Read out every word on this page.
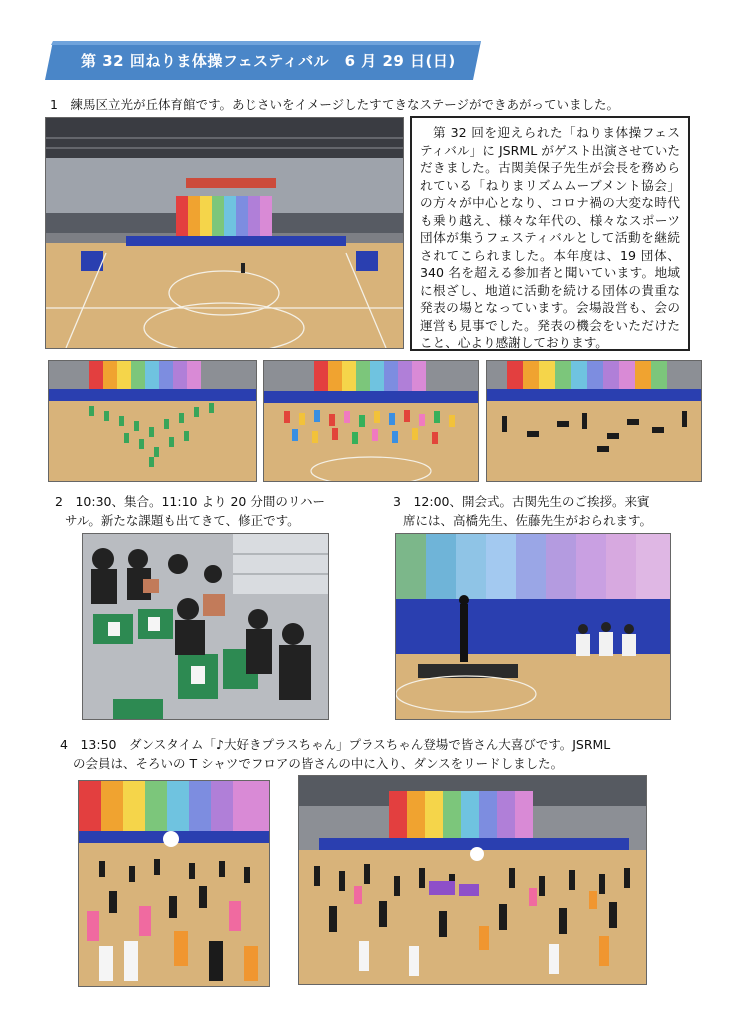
第 32 回ねりま体操フェスティバル　6 月 29 日(日)
1　練馬区立光が丘体育館です。あじさいをイメージしたすてきなステージができあがっていました。
第 32 回を迎えられた「ねりま体操フェスティバル」に JSRML がゲスト出演させていただきました。古関美保子先生が会長を務められている「ねりまリズムムーブメント協会」の方々が中心となり、コロナ禍の大変な時代も乗り越え、様々な年代の、様々なスポーツ団体が集うフェスティバルとして活動を継続されてこられました。本年度は、19 団体、340 名を超える参加者と聞いています。地域に根ざし、地道に活動を続ける団体の貴重な発表の場となっています。会場設営も、会の運営も見事でした。発表の機会をいただけたこと、心より感謝しております。
2　10:30、集合。11:10 より 20 分間のリハー
サル。新たな課題も出てきて、修正です。
3　12:00、開会式。古関先生のご挨拶。来賓
席には、高橋先生、佐藤先生がおられます。
4　13:50　ダンスタイム「♪大好きプラスちゃん」プラスちゃん登場で皆さん大喜びです。JSRML
の会員は、そろいの T シャツでフロアの皆さんの中に入り、ダンスをリードしました。
